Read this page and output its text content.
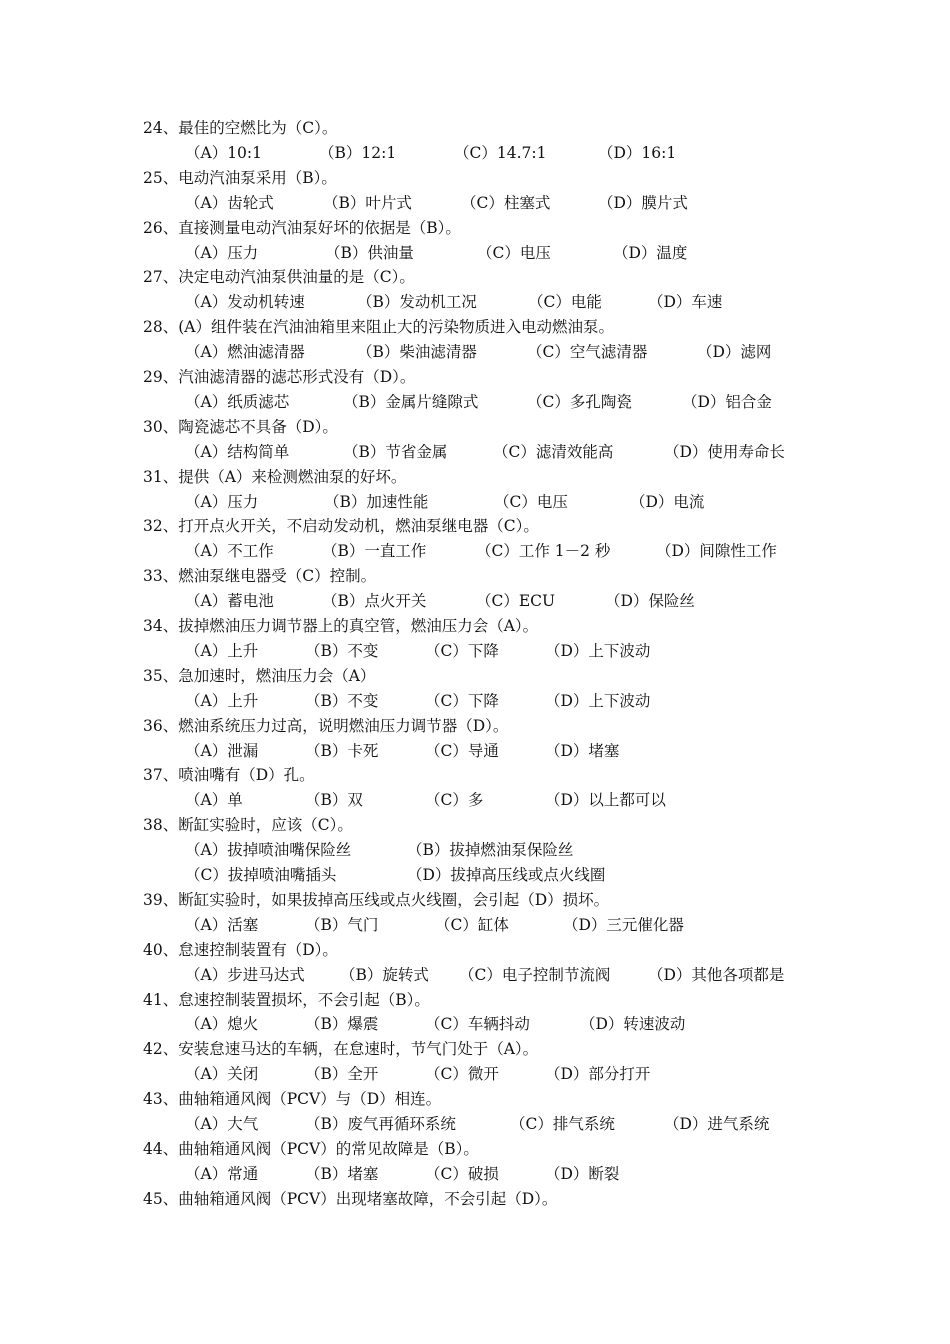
24、最佳的空燃比为（C）。
（A）10:1	（B）12:1	（C）14.7:1	（D）16:1
25、电动汽油泵采用（B）。
（A）齿轮式	（B）叶片式	（C）柱塞式	（D）膜片式
26、直接测量电动汽油泵好坏的依据是（B）。
（A）压力	（B）供油量	（C）电压	（D）温度
27、决定电动汽油泵供油量的是（C）。
（A）发动机转速	（B）发动机工况	（C）电能	（D）车速
28、(A）组件装在汽油油箱里来阻止大的污染物质进入电动燃油泵。
（A）燃油滤清器	（B）柴油滤清器	（C）空气滤清器	（D）滤网
29、汽油滤清器的滤芯形式没有（D）。
（A）纸质滤芯	（B）金属片缝隙式	（C）多孔陶瓷	（D）铝合金
30、陶瓷滤芯不具备（D）。
（A）结构简单	（B）节省金属	（C）滤清效能高	（D）使用寿命长
31、提供（A）来检测燃油泵的好坏。
（A）压力	（B）加速性能	（C）电压	（D）电流
32、打开点火开关，不启动发动机，燃油泵继电器（C）。
（A）不工作	（B）一直工作	（C）工作 1－2 秒	（D）间隙性工作
33、燃油泵继电器受（C）控制。
（A）蓄电池	（B）点火开关	（C）ECU	（D）保险丝
34、拔掉燃油压力调节器上的真空管，燃油压力会（A）。
（A）上升	（B）不变	（C）下降	（D）上下波动
35、急加速时，燃油压力会（A）
（A）上升	（B）不变	（C）下降	（D）上下波动
36、燃油系统压力过高，说明燃油压力调节器（D）。
（A）泄漏	（B）卡死	（C）导通	（D）堵塞
37、喷油嘴有（D）孔。
（A）单	（B）双	（C）多	（D）以上都可以
38、断缸实验时，应该（C）。
（A）拔掉喷油嘴保险丝	（B）拔掉燃油泵保险丝
（C）拔掉喷油嘴插头	（D）拔掉高压线或点火线圈
39、断缸实验时，如果拔掉高压线或点火线圈，会引起（D）损坏。
（A）活塞	（B）气门	（C）缸体	（D）三元催化器
40、怠速控制装置有（D）。
（A）步进马达式 （B）旋转式 （C）电子控制节流阀 （D）其他各项都是
41、怠速控制装置损坏，不会引起（B）。
（A）熄火	（B）爆震	（C）车辆抖动	（D）转速波动
42、安装怠速马达的车辆，在怠速时，节气门处于（A）。
（A）关闭	（B）全开	（C）微开	（D）部分打开
43、曲轴箱通风阀（PCV）与（D）相连。
（A）大气	（B）废气再循环系统	（C）排气系统	（D）进气系统
44、曲轴箱通风阀（PCV）的常见故障是（B）。
（A）常通	（B）堵塞	（C）破损	（D）断裂
45、曲轴箱通风阀（PCV）出现堵塞故障，不会引起（D）。
